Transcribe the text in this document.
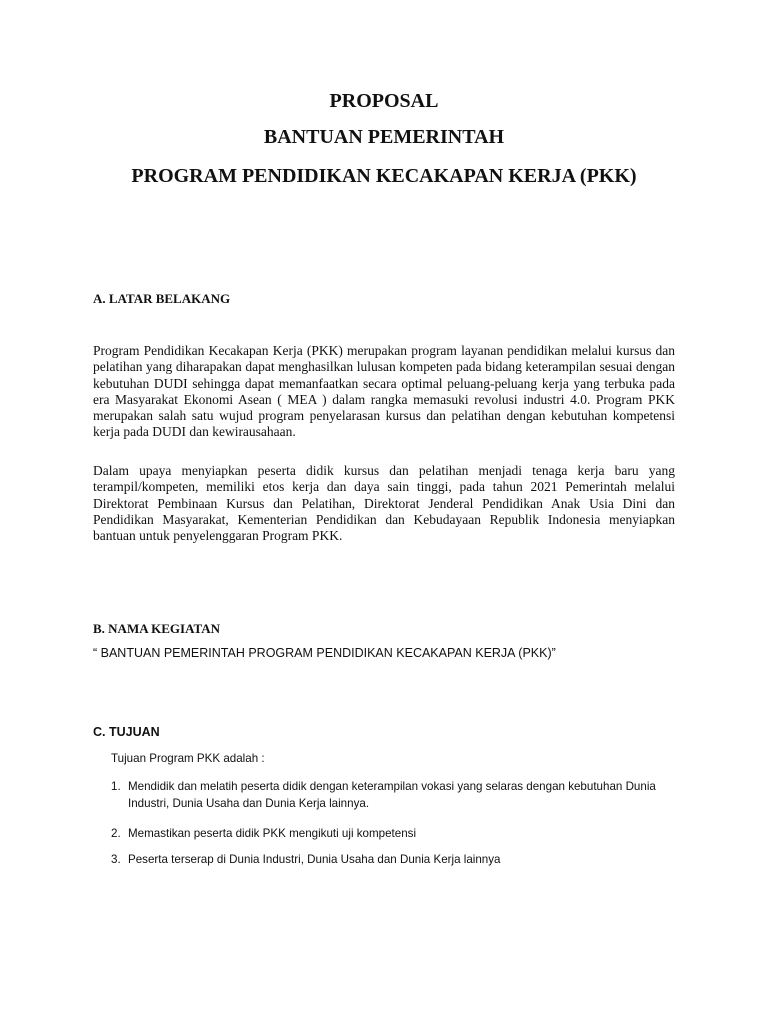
PROPOSAL
BANTUAN PEMERINTAH
PROGRAM PENDIDIKAN KECAKAPAN KERJA (PKK)
A. LATAR BELAKANG

Program Pendidikan Kecakapan Kerja (PKK) merupakan program layanan pendidikan melalui kursus dan pelatihan yang diharapakan dapat menghasilkan lulusan kompeten pada bidang keterampilan sesuai dengan kebutuhan DUDI sehingga dapat memanfaatkan secara optimal peluang-peluang kerja yang terbuka pada era Masyarakat Ekonomi Asean ( MEA ) dalam rangka memasuki revolusi industri 4.0. Program PKK merupakan salah satu wujud program penyelarasan kursus dan pelatihan dengan kebutuhan kompetensi kerja pada DUDI dan kewirausahaan.

Dalam upaya menyiapkan peserta didik kursus dan pelatihan menjadi tenaga kerja baru yang terampil/kompeten, memiliki etos kerja dan daya sain tinggi, pada tahun 2021 Pemerintah melalui Direktorat Pembinaan Kursus dan Pelatihan, Direktorat Jenderal Pendidikan Anak Usia Dini dan Pendidikan Masyarakat, Kementerian Pendidikan dan Kebudayaan Republik Indonesia menyiapkan bantuan untuk penyelenggaran Program PKK.

B. NAMA KEGIATAN
“ BANTUAN PEMERINTAH PROGRAM PENDIDIKAN KECAKAPAN KERJA (PKK)”
C. TUJUAN
Tujuan Program PKK adalah :
1. Mendidik dan melatih peserta didik dengan keterampilan vokasi yang selaras dengan kebutuhan Dunia Industri, Dunia Usaha dan Dunia Kerja lainnya.
2. Memastikan peserta didik PKK mengikuti uji kompetensi
3. Peserta terserap di Dunia Industri, Dunia Usaha dan Dunia Kerja lainnya
